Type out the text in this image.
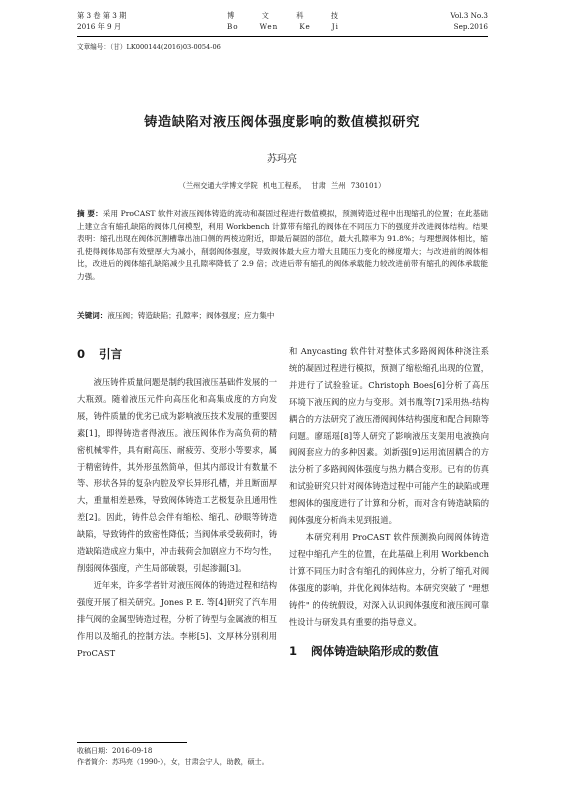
第 3 卷 第 3 期
2016 年 9 月
博	文	科	技
Bo	Wen	Ke	Ji
Vol.3 No.3
Sep.2016
文章编号：（甘）LK000144(2016)03-0054-06
铸造缺陷对液压阀体强度影响的数值模拟研究
苏玛亮
（兰州交通大学博文学院 机电工程系， 甘肃 兰州 730101）
摘 要：采用 ProCAST 软件对液压阀体铸造的流动和凝固过程进行数值模拟，预测铸造过程中出现缩孔的位置；在此基础上建立含有缩孔缺陷的阀体几何模型，利用 Workbench 计算带有缩孔的阀体在不同压力下的强度并改进阀体结构。结果表明：缩孔出现在阀体沉割槽靠出油口侧的两棱边附近，即最后凝固的部位，最大孔隙率为 91.8%；与理想阀体相比，缩孔使得阀体局部有效壁厚大为减小，削弱阀体强度，导致阀体最大应力增大且随压力变化的梯度增大；与改进前的阀体相比，改进后的阀体缩孔缺陷减少且孔隙率降低了 2.9 倍；改进后带有缩孔的阀体承载能力较改进前带有缩孔的阀体承载能力强。
关键词：液压阀；铸造缺陷；孔隙率；阀体强度；应力集中
0 引言

液压铸件质量问题是制约我国液压基础件发展的一大瓶颈。随着液压元件向高压化和高集成度的方向发展，铸件质量的优劣已成为影响液压技术发展的重要因素[1]，即得铸造者得液压。液压阀体作为高负荷的精密机械零件，具有耐高压、耐疲劳、变形小等要求，属于精密铸件，其外形虽然简单，但其内部设计有数量不等、形状各异的复杂内腔及窄长异形孔槽，并且断面厚大，重量相差悬殊，导致阀体铸造工艺极复杂且通用性差[2]。因此，铸件总会伴有缩松、缩孔、砂眼等铸造缺陷，导致铸件的致密性降低；当阀体承受载荷时，铸造缺陷造成应力集中，冲击载荷会加剧应力不均匀性，削弱阀体强度，产生局部破裂，引起渗漏[3]。

近年来，许多学者针对液压阀体的铸造过程和结构强度开展了相关研究。Jones P. E. 等[4]研究了汽车用排气阀的金属型铸造过程，分析了铸型与金属液的相互作用以及缩孔的控制方法。李彬[5]、文厚林分别利用 ProCAST

和 Anycasting 软件针对整体式多路阀阀体种浇注系统的凝固过程进行模拟，预测了缩松缩孔出现的位置，并进行了试验验证。Christoph Boes[6]分析了高压环境下液压阀的应力与变形。刘书胤等[7]采用热-结构耦合的方法研究了液压滑阀阀体结构强度和配合间隙等问题。廖瑶瑶[8]等人研究了影响液压支架用电液换向阀阀套应力的多种因素。刘新强[9]运用流固耦合的方法分析了多路阀阀体强度与热力耦合变形。已有的仿真和试验研究只针对阀体铸造过程中可能产生的缺陷或理想阀体的强度进行了计算和分析，而对含有铸造缺陷的阀体强度分析尚未见到报道。

本研究利用 ProCAST 软件预测换向阀阀体铸造过程中缩孔产生的位置，在此基础上利用 Workbench 计算不同压力时含有缩孔的阀体应力，分析了缩孔对阀体强度的影响，并优化阀体结构。本研究突破了 "理想铸件" 的传统假设，对深入认识阀体强度和液压阀可靠性设计与研发具有重要的指导意义。

1 阀体铸造缺陷形成的数值
收稿日期：2016-09-18
作者简介：苏玛亮（1990-），女，甘肃会宁人，助教，硕士。
